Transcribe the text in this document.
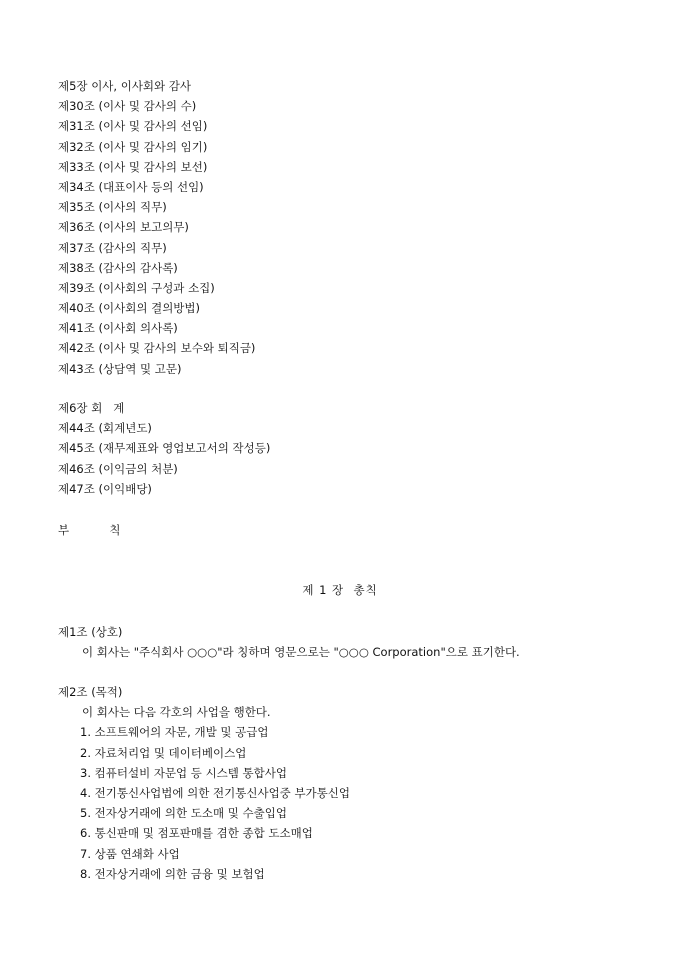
제5장 이사, 이사회와 감사
제30조 (이사 및 감사의 수)
제31조 (이사 및 감사의 선임)
제32조 (이사 및 감사의 임기)
제33조 (이사 및 감사의 보선)
제34조 (대표이사 등의 선임)
제35조 (이사의 직무)
제36조 (이사의 보고의무)
제37조 (감사의 직무)
제38조 (감사의 감사록)
제39조 (이사회의 구성과 소집)
제40조 (이사회의 결의방법)
제41조 (이사회 의사록)
제42조 (이사 및 감사의 보수와 퇴직금)
제43조 (상담역 및 고문)
제6장 회   계
제44조 (회계년도)
제45조 (재무제표와 영업보고서의 작성등)
제46조 (이익금의 처분)
제47조 (이익배당)
부           칙
제 1 장  총칙
제1조 (상호)
이 회사는 "주식회사 ○○○"라 칭하며 영문으로는 "○○○ Corporation"으로 표기한다.
제2조 (목적)
이 회사는 다음 각호의 사업을 행한다.
1. 소프트웨어의 자문, 개발 및 공급업
2. 자료처리업 및 데이터베이스업
3. 컴퓨터설비 자문업 등 시스템 통합사업
4. 전기통신사업법에 의한 전기통신사업중 부가통신업
5. 전자상거래에 의한 도소매 및 수출입업
6. 통신판매 및 점포판매를 겸한 종합 도소매업
7. 상품 연쇄화 사업
8. 전자상거래에 의한 금융 및 보험업
